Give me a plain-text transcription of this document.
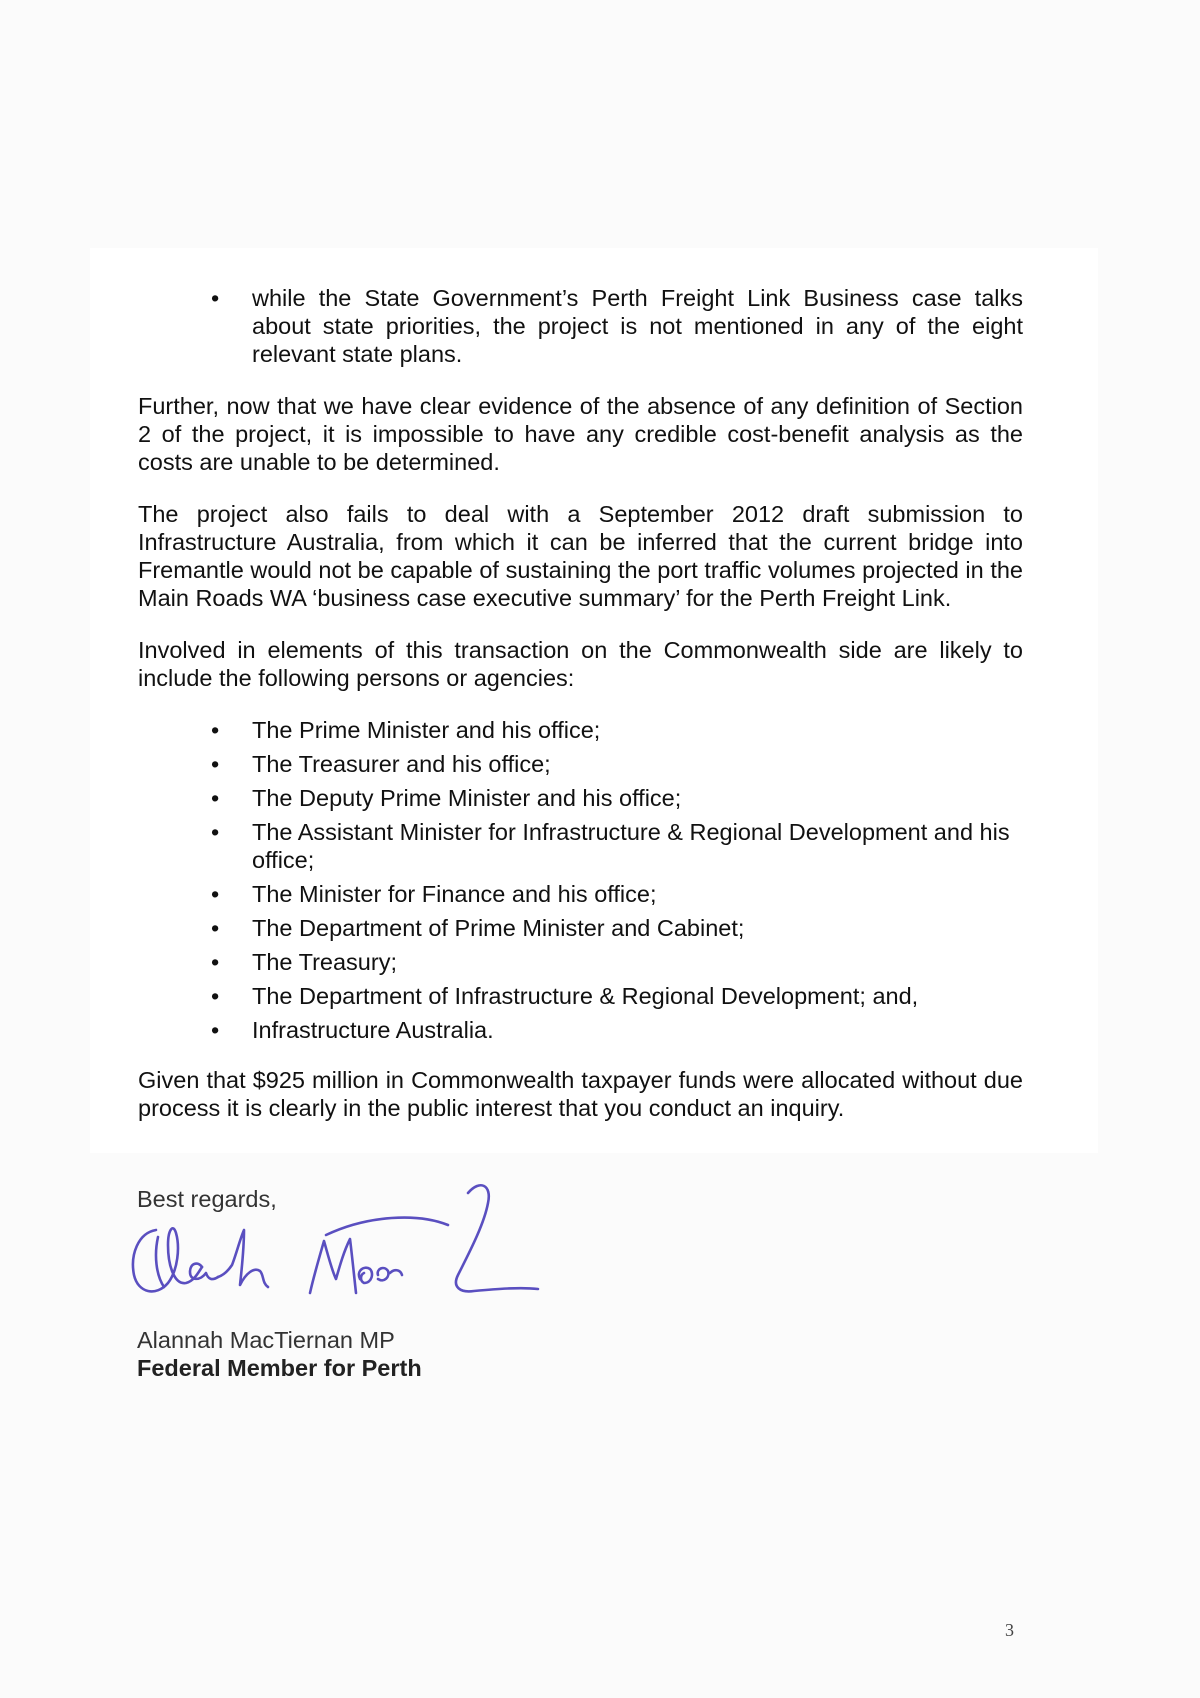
• while the State Government’s Perth Freight Link Business case talks about state priorities, the project is not mentioned in any of the eight relevant state plans.

Further, now that we have clear evidence of the absence of any definition of Section 2 of the project, it is impossible to have any credible cost-benefit analysis as the costs are unable to be determined.

The project also fails to deal with a September 2012 draft submission to Infrastructure Australia, from which it can be inferred that the current bridge into Fremantle would not be capable of sustaining the port traffic volumes projected in the Main Roads WA ‘business case executive summary’ for the Perth Freight Link.

Involved in elements of this transaction on the Commonwealth side are likely to include the following persons or agencies:

• The Prime Minister and his office;
• The Treasurer and his office;
• The Deputy Prime Minister and his office;
• The Assistant Minister for Infrastructure & Regional Development and his office;
• The Minister for Finance and his office;
• The Department of Prime Minister and Cabinet;
• The Treasury;
• The Department of Infrastructure & Regional Development; and,
• Infrastructure Australia.

Given that $925 million in Commonwealth taxpayer funds were allocated without due process it is clearly in the public interest that you conduct an inquiry.

Best regards,
Alannah MacTiernan MP
Federal Member for Perth
3
